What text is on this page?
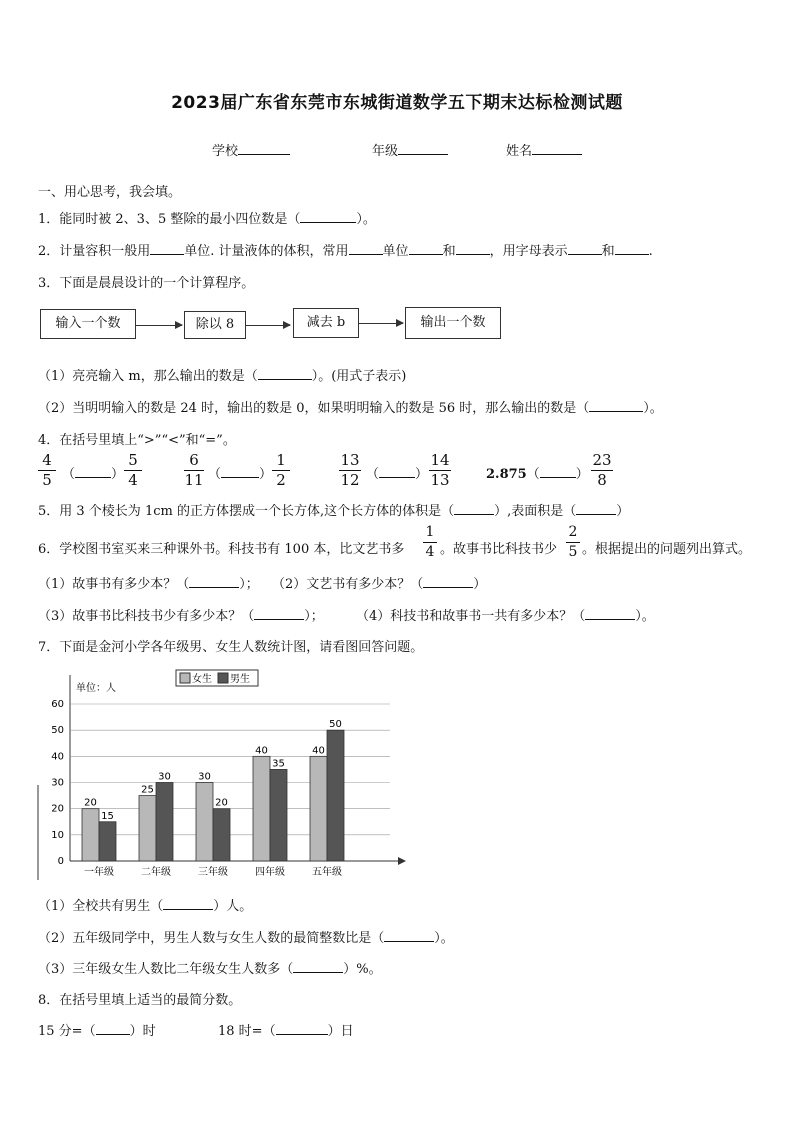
2023届广东省东莞市东城街道数学五下期末达标检测试题
学校	年级	姓名
一、用心思考，我会填。
1．能同时被 2、3、5 整除的最小四位数是（	）。
2．计量容积一般用	单位. 计量液体的体积，常用	单位	和	，用字母表示	和	.
3．下面是晨晨设计的一个计算程序。
输入一个数	除以 8	减去 b	输出一个数
（1）亮亮输入 m，那么输出的数是（	）。(用式子表示)
（2）当明明输入的数是 24 时，输出的数是 0，如果明明输入的数是 56 时，那么输出的数是（	）。
4．在括号里填上“>”“<”和“=”。
4
5 （	）
5
4
6
11 （	）
1
2
13
12 （	）
14
13	2.875（	）
23
8
5．用 3 个棱长为 1cm 的正方体摆成一个长方体,这个长方体的体积是（	）,表面积是（	）
6．学校图书室买来三种课外书。科技书有 100 本，比文艺书多
1
4 。故事书比科技书少
2
5 。根据提出的问题列出算式。
（1）故事书有多少本？（	）； （2）文艺书有多少本？（	）
（3）故事书比科技书少有多少本？（	）； （4）科技书和故事书一共有多少本？（	）。
7．下面是金河小学各年级男、女生人数统计图，请看图回答问题。
单位：人
女生 男生
0
10
20
30
40
50
60
20
15
一年级
25
30
二年级
30
20
三年级
40
35
四年级
40
50
五年级
（1）全校共有男生（	）人。
（2）五年级同学中，男生人数与女生人数的最简整数比是（	）。
（3）三年级女生人数比二年级女生人数多（	）%。
8．在括号里填上适当的最简分数。
15 分=（	）时	18 时=（	）日
